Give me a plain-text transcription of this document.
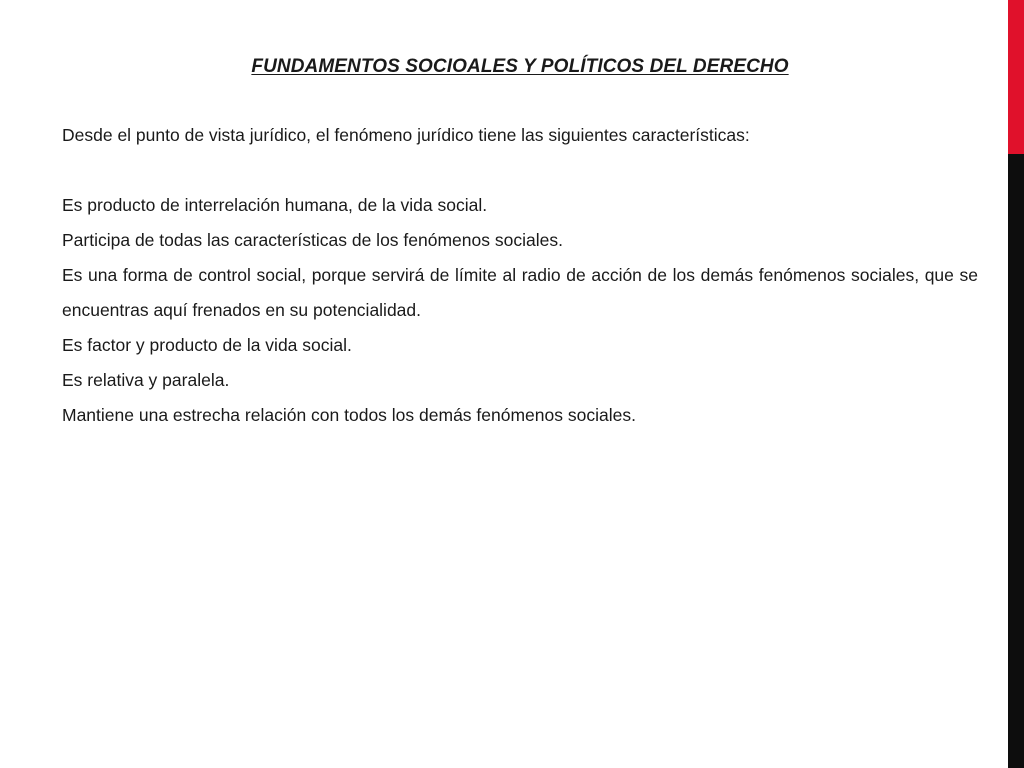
FUNDAMENTOS SOCIOALES Y POLÍTICOS DEL DERECHO

Desde el punto de vista jurídico, el fenómeno jurídico tiene las siguientes características:

Es producto de interrelación humana, de la vida social.

Participa de todas las características de los fenómenos sociales.

Es una forma de control social, porque servirá de límite al radio de acción de los demás fenómenos sociales, que se encuentras aquí frenados en su potencialidad.

Es factor y producto de la vida social.

Es relativa y paralela.

Mantiene una estrecha relación con todos los demás fenómenos sociales.
